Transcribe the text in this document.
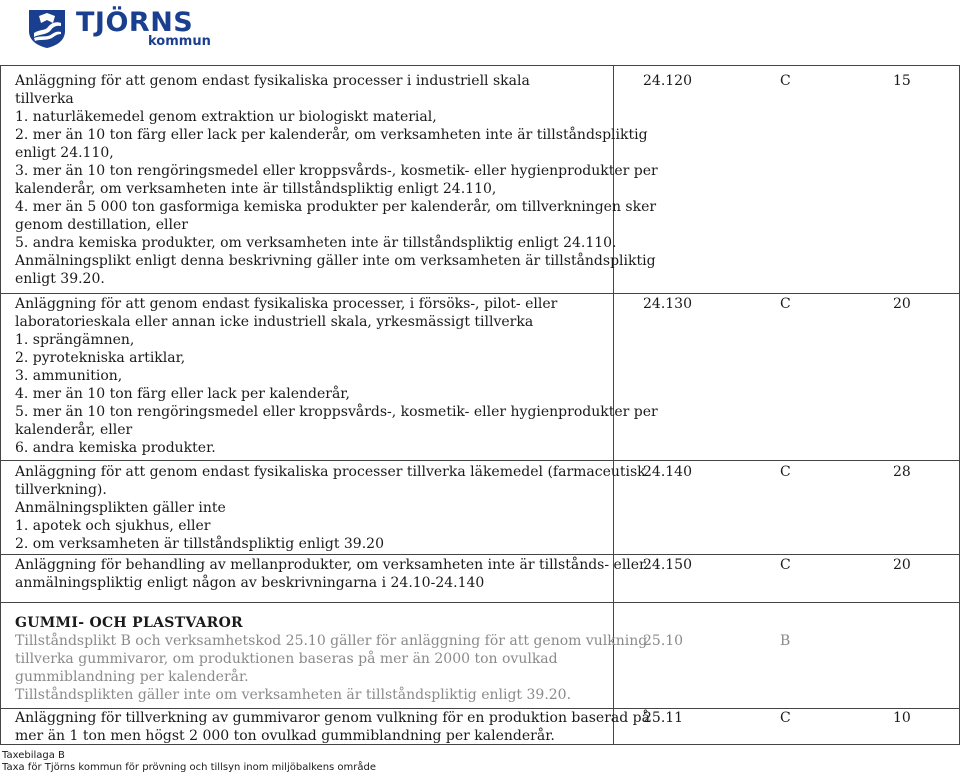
TJÖRNS
kommun
Anläggning för att genom endast fysikaliska processer i industriell skala
tillverka
1. naturläkemedel genom extraktion ur biologiskt material,
2. mer än 10 ton färg eller lack per kalenderår, om verksamheten inte är tillståndspliktig
enligt 24.110,
3. mer än 10 ton rengöringsmedel eller kroppsvårds-, kosmetik- eller hygienprodukter per
kalenderår, om verksamheten inte är tillståndspliktig enligt 24.110,
4. mer än 5 000 ton gasformiga kemiska produkter per kalenderår, om tillverkningen sker
genom destillation, eller
5. andra kemiska produkter, om verksamheten inte är tillståndspliktig enligt 24.110.
Anmälningsplikt enligt denna beskrivning gäller inte om verksamheten är tillståndspliktig
enligt 39.20.
24.120	C	15
Anläggning för att genom endast fysikaliska processer, i försöks-, pilot- eller
laboratorieskala eller annan icke industriell skala, yrkesmässigt tillverka
1. sprängämnen,
2. pyrotekniska artiklar,
3. ammunition,
4. mer än 10 ton färg eller lack per kalenderår,
5. mer än 10 ton rengöringsmedel eller kroppsvårds-, kosmetik- eller hygienprodukter per
kalenderår, eller
6. andra kemiska produkter.
24.130	C	20
Anläggning för att genom endast fysikaliska processer tillverka läkemedel (farmaceutisk
tillverkning).
Anmälningsplikten gäller inte
1. apotek och sjukhus, eller
2. om verksamheten är tillståndspliktig enligt 39.20
24.140	C	28
Anläggning för behandling av mellanprodukter, om verksamheten inte är tillstånds- eller
anmälningspliktig enligt någon av beskrivningarna i 24.10-24.140
24.150	C	20
GUMMI- OCH PLASTVAROR
Tillståndsplikt B och verksamhetskod 25.10 gäller för anläggning för att genom vulkning
tillverka gummivaror, om produktionen baseras på mer än 2000 ton ovulkad
gummiblandning per kalenderår.
Tillståndsplikten gäller inte om verksamheten är tillståndspliktig enligt 39.20.
25.10	B
Anläggning för tillverkning av gummivaror genom vulkning för en produktion baserad på
mer än 1 ton men högst 2 000 ton ovulkad gummiblandning per kalenderår.
25.11	C	10
Taxebilaga B
Taxa för Tjörns kommun för prövning och tillsyn inom miljöbalkens område
